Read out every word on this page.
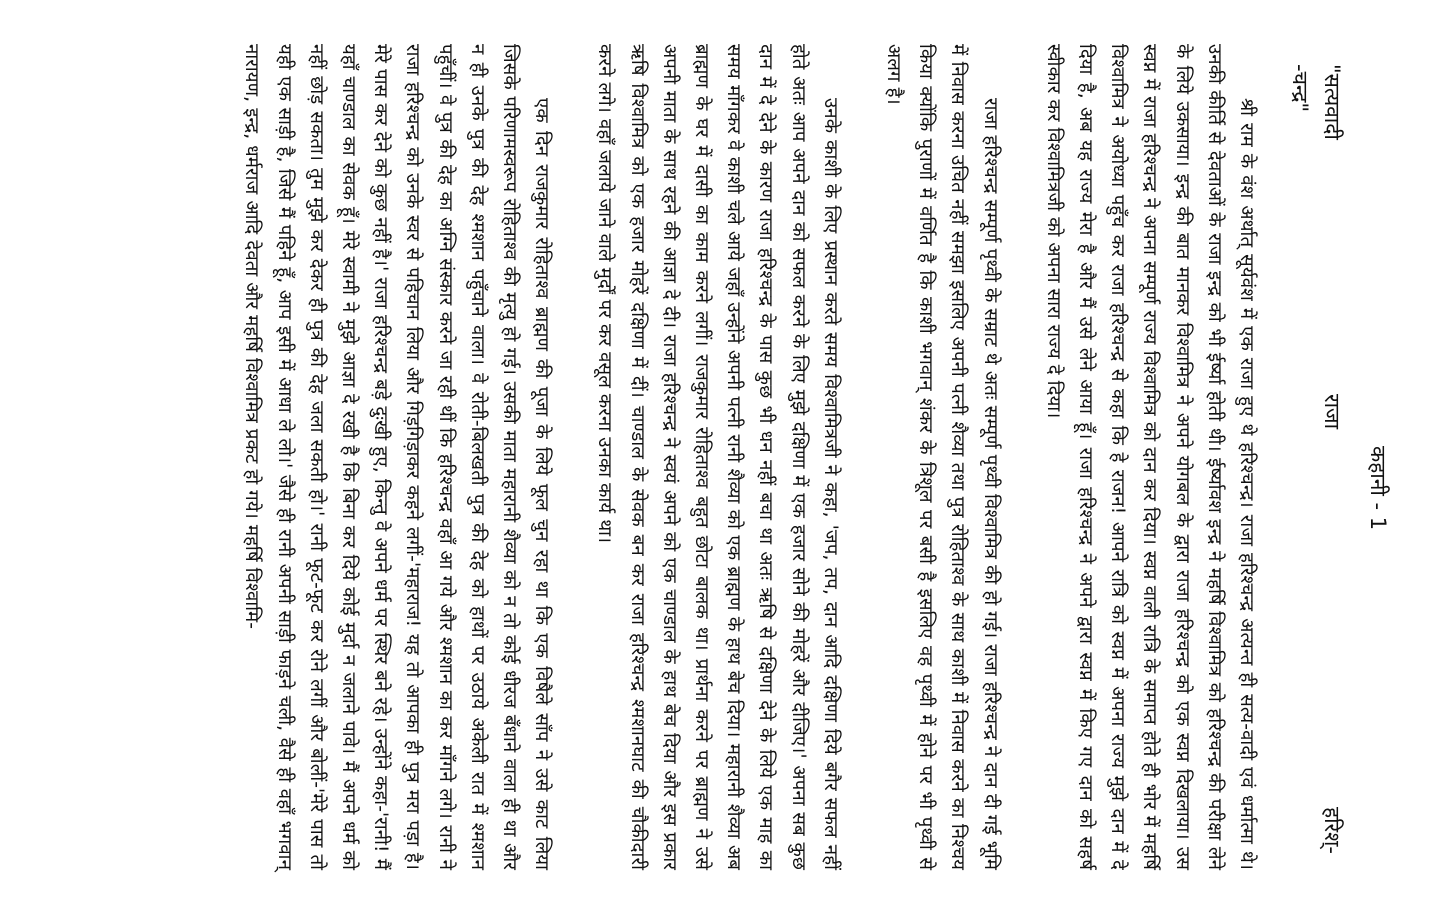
कहानी - 1
"सत्यवादी
राजा
हरिश्-
-चन्द्र"

श्री राम के वंश अर्थात् सूर्यवंश में एक राजा हुए थे हरिश्चन्द्र। राजा हरिश्चन्द्र अत्यन्त ही सत्य-वादी एवं धर्मात्मा थे। उनकी कीर्ति से देवताओं के राजा इन्द्र को भी ईर्ष्या होती थी। ईर्ष्यावश इन्द्र ने महर्षि विश्वामित्र को हरिश्चन्द्र की परीक्षा लेने के लिये उकसाया। इन्द्र की बात मानकर विश्वामित्र ने अपने योगबल के द्वारा राजा हरिश्चन्द्र को एक स्वप्न दिखलाया। उस स्वप्न में राजा हरिश्चन्द्र ने अपना सम्पूर्ण राज्य विश्वामित्र को दान कर दिया। स्वप्न वाली रात्रि के समाप्त होते ही भोर में महर्षि विश्वामित्र ने अयोध्या पहुँच कर राजा हरिश्चन्द्र से कहा कि हे राजन! आपने रात्रि को स्वप्न में अपना राज्य मुझे दान में दे दिया है, अब यह राज्य मेरा है और मैं उसे लेने आया हूँ। राजा हरिश्चन्द्र ने अपने द्वारा स्वप्न में किए गए दान को सहर्ष स्वीकार कर विश्वामित्रजी को अपना सारा राज्य दे दिया।

राजा हरिश्चन्द्र सम्पूर्ण पृथ्वी के सम्राट थे अतः सम्पूर्ण पृथ्वी विश्वामित्र की हो गई। राजा हरिश्चन्द्र ने दान दी गई भूमि में निवास करना उचित नहीं समझा इसलिए अपनी पत्नी शैव्या तथा पुत्र रोहिताश्व के साथ काशी में निवास करने का निश्चय किया क्योंकि पुराणों में वर्णित है कि काशी भगवान् शंकर के त्रिशूल पर बसी है इसलिए वह पृथ्वी में होने पर भी पृथ्वी से अलग है।

उनके काशी के लिए प्रस्थान करते समय विश्वामित्रजी ने कहा, 'जप, तप, दान आदि दक्षिणा दिये बगैर सफल नहीं होते अतः आप अपने दान को सफल करने के लिए मुझे दक्षिणा में एक हजार सोने की मोहरें और दीजिए।' अपना सब कुछ दान में दे देने के कारण राजा हरिश्चन्द्र के पास कुछ भी धन नहीं बचा था अतः ऋषि से दक्षिणा देने के लिये एक माह का समय माँगकर वे काशी चले आये जहाँ उन्होंने अपनी पत्नी रानी शैव्या को एक ब्राह्मण के हाथ बेच दिया। महारानी शैव्या अब ब्राह्मण के घर में दासी का काम करने लगीं। राजकुमार रोहिताश्व बहुत छोटा बालक था। प्रार्थना करने पर ब्राह्मण ने उसे अपनी माता के साथ रहने की आज्ञा दे दी। राजा हरिश्चन्द्र ने स्वयं अपने को एक चाण्डाल के हाथ बेच दिया और इस प्रकार ऋषि विश्वामित्र को एक हजार मोहरें दक्षिणा में दीं। चाण्डाल के सेवक बन कर राजा हरिश्चन्द्र श्मशानघाट की चौकीदारी करने लगे। वहाँ जलाये जाने वाले मुर्दों पर कर वसूल करना उनका कार्य था।

एक दिन राजकुमार रोहिताश्व ब्राह्मण की पूजा के लिये फूल चुन रहा था कि एक विषैले साँप ने उसे काट लिया जिसके परिणामस्वरूप रोहिताश्व की मृत्यु हो गई। उसकी माता महारानी शैव्या को न तो कोई धीरज बँधाने वाला ही था और न ही उनके पुत्र की देह श्मशान पहुँचाने वाला। वे रोती-बिलखती पुत्र की देह को हाथों पर उठाये अकेली रात में श्मशान पहुँचीं। वे पुत्र की देह का अग्नि संस्कार करने जा रही थीं कि हरिश्चन्द्र वहाँ आ गये और श्मशान का कर माँगने लगे। रानी ने राजा हरिश्चन्द्र को उनके स्वर से पहिचान लिया और गिड़गिड़ाकर कहने लगीं-'महाराज! यह तो आपका ही पुत्र मरा पड़ा है। मेरे पास कर देने को कुछ नहीं है।' राजा हरिश्चन्द्र बड़े दुःखी हुए, किन्तु वे अपने धर्म पर स्थिर बने रहे। उन्होंने कहा-'रानी! मैं यहाँ चाण्डाल का सेवक हूँ। मेरे स्वामी ने मुझे आज्ञा दे रखी है कि बिना कर दिये कोई मुर्दा न जलाने पावे। मैं अपने धर्म को नहीं छोड़ सकता। तुम मुझे कर देकर ही पुत्र की देह जला सकती हो।' रानी फूट-फूट कर रोने लगीं और बोलीं-'मेरे पास तो यही एक साड़ी है, जिसे मैं पहिने हूँ, आप इसी में आधा ले लो।' जैसे ही रानी अपनी साड़ी फाड़ने चली, वैसे ही वहाँ भगवान् नारायण, इन्द्र, धर्मराज आदि देवता और महर्षि विश्वामित्र प्रकट हो गये। महर्षि विश्वामि-
